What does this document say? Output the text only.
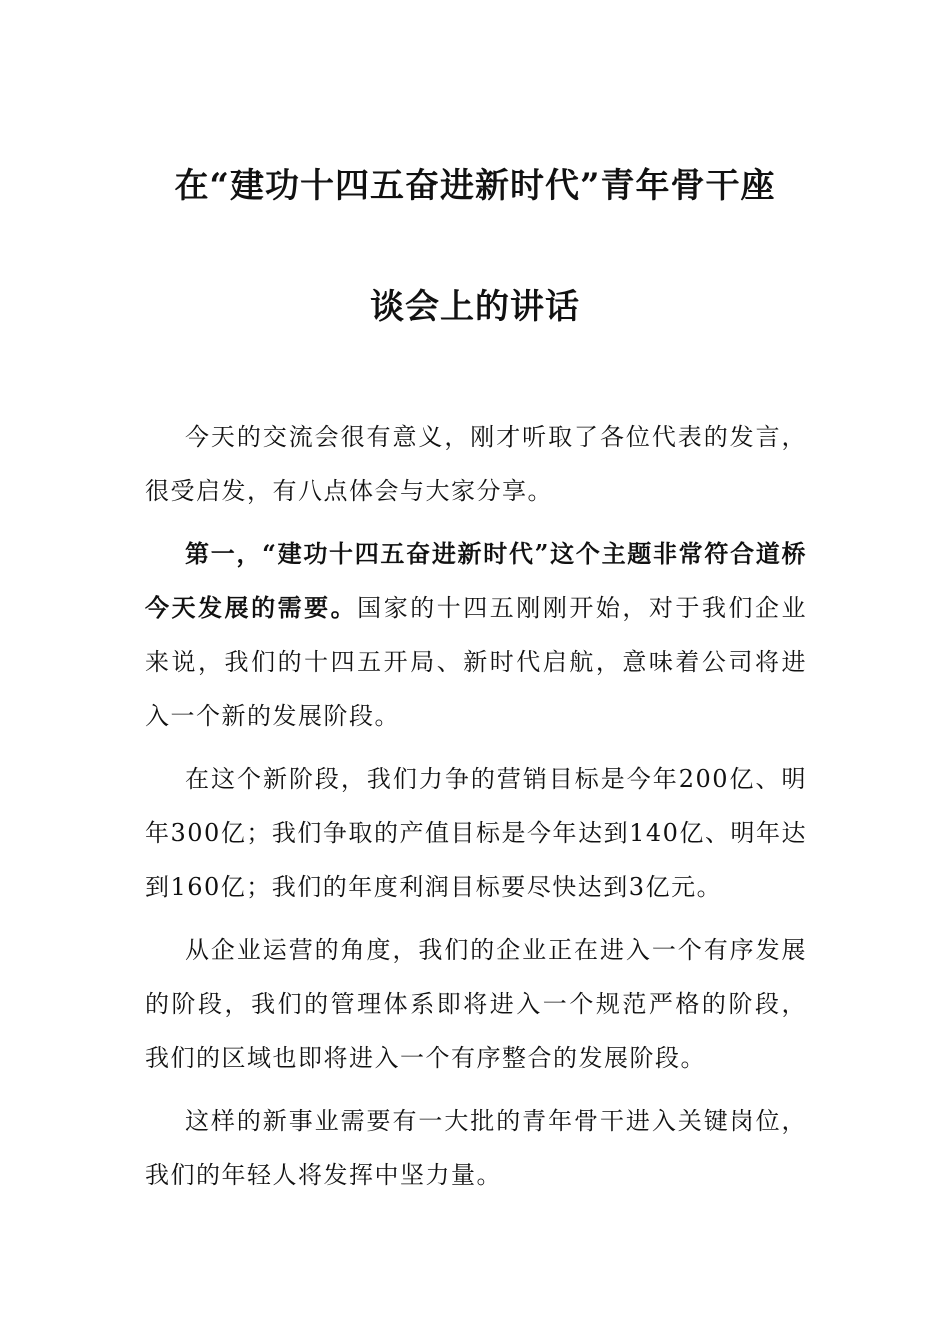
在“建功十四五奋进新时代”青年骨干座
谈会上的讲话

今天的交流会很有意义，刚才听取了各位代表的发言，很受启发，有八点体会与大家分享。

第一，“建功十四五奋进新时代”这个主题非常符合道桥今天发展的需要。国家的十四五刚刚开始，对于我们企业来说，我们的十四五开局、新时代启航，意味着公司将进入一个新的发展阶段。

在这个新阶段，我们力争的营销目标是今年200亿、明年300亿；我们争取的产值目标是今年达到140亿、明年达到160亿；我们的年度利润目标要尽快达到3亿元。

从企业运营的角度，我们的企业正在进入一个有序发展的阶段，我们的管理体系即将进入一个规范严格的阶段，我们的区域也即将进入一个有序整合的发展阶段。

这样的新事业需要有一大批的青年骨干进入关键岗位，我们的年轻人将发挥中坚力量。
